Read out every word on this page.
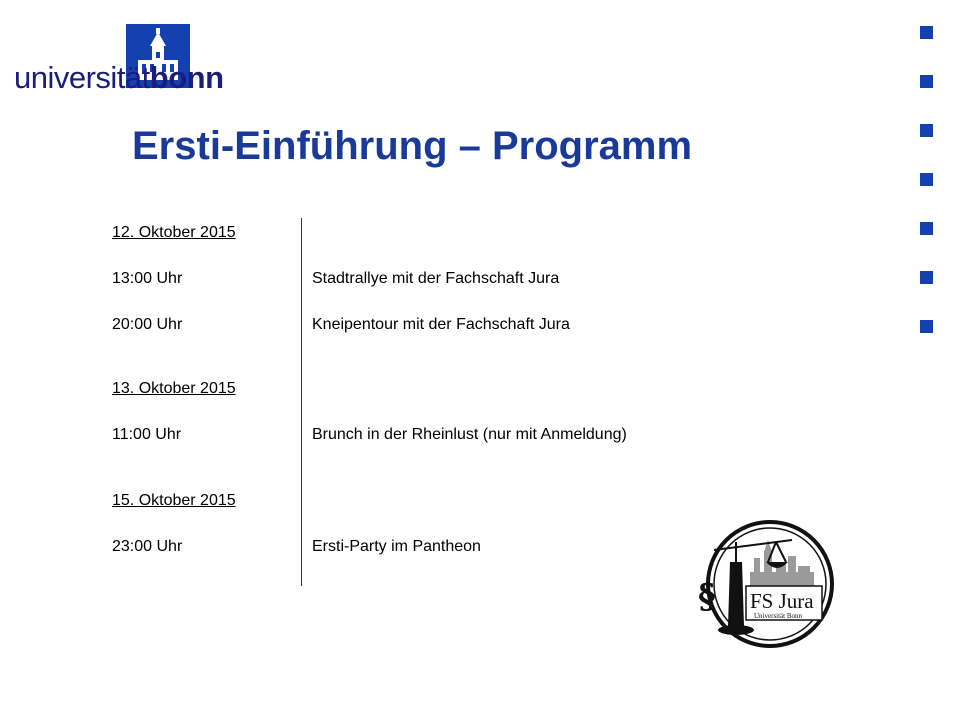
universitätbonn
Ersti-Einführung – Programm
12. Oktober 2015
13:00 Uhr	Stadtrallye mit der Fachschaft Jura
20:00 Uhr	Kneipentour mit der Fachschaft Jura
13. Oktober 2015
11:00 Uhr	Brunch in der Rheinlust (nur mit Anmeldung)
15. Oktober 2015
23:00 Uhr	Ersti-Party im Pantheon
§ FS Jura
Universität Bonn
